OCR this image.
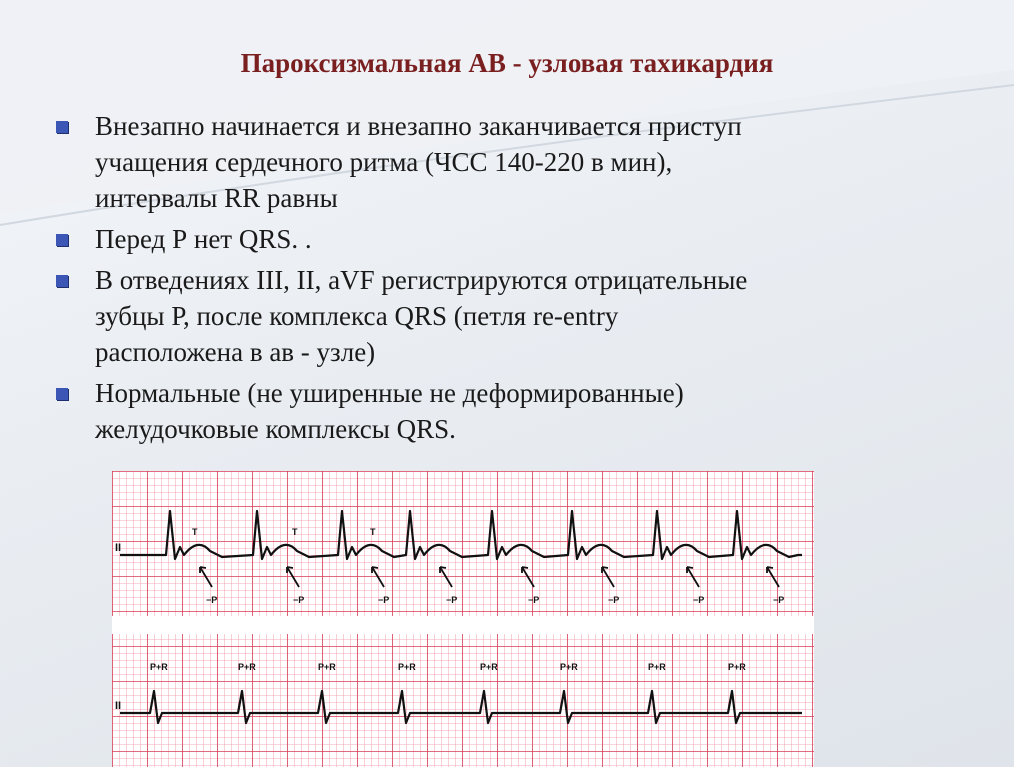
Пароксизмальная АВ - узловая тахикардия
Внезапно начинается и внезапно заканчивается приступ
учащения сердечного ритма (ЧСС 140-220 в мин),
интервалы RR равны
Перед Р нет QRS. .
В отведениях III, II, aVF регистрируются отрицательные
зубцы Р, после комплекса QRS (петля re-entry
расположена в ав - узле)
Нормальные (не уширенные не деформированные)
желудочковые комплексы QRS.
II
II
T	T	T
−P	−P	−P	−P	−P	−P	−P	−P
P+R	P+R	P+R	P+R	P+R	P+R	P+R	P+R
